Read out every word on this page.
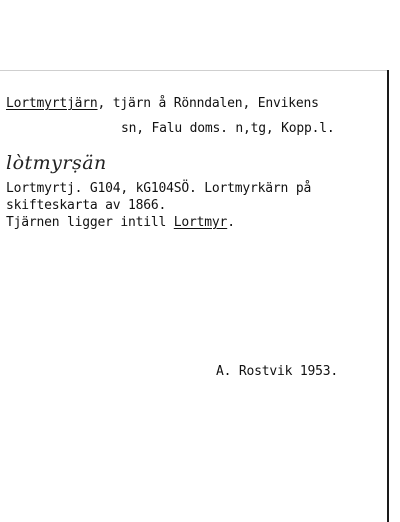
Lortmyrtjärn, tjärn å Rönndalen, Envikens
sn, Falu doms. n,tg, Kopp.l.
lòtmyrṣän
Lortmyrtj. G104, kG104SÖ. Lortmyrkärn på
skifteskarta av 1866.
Tjärnen ligger intill Lortmyr.
A. Rostvik 1953.
